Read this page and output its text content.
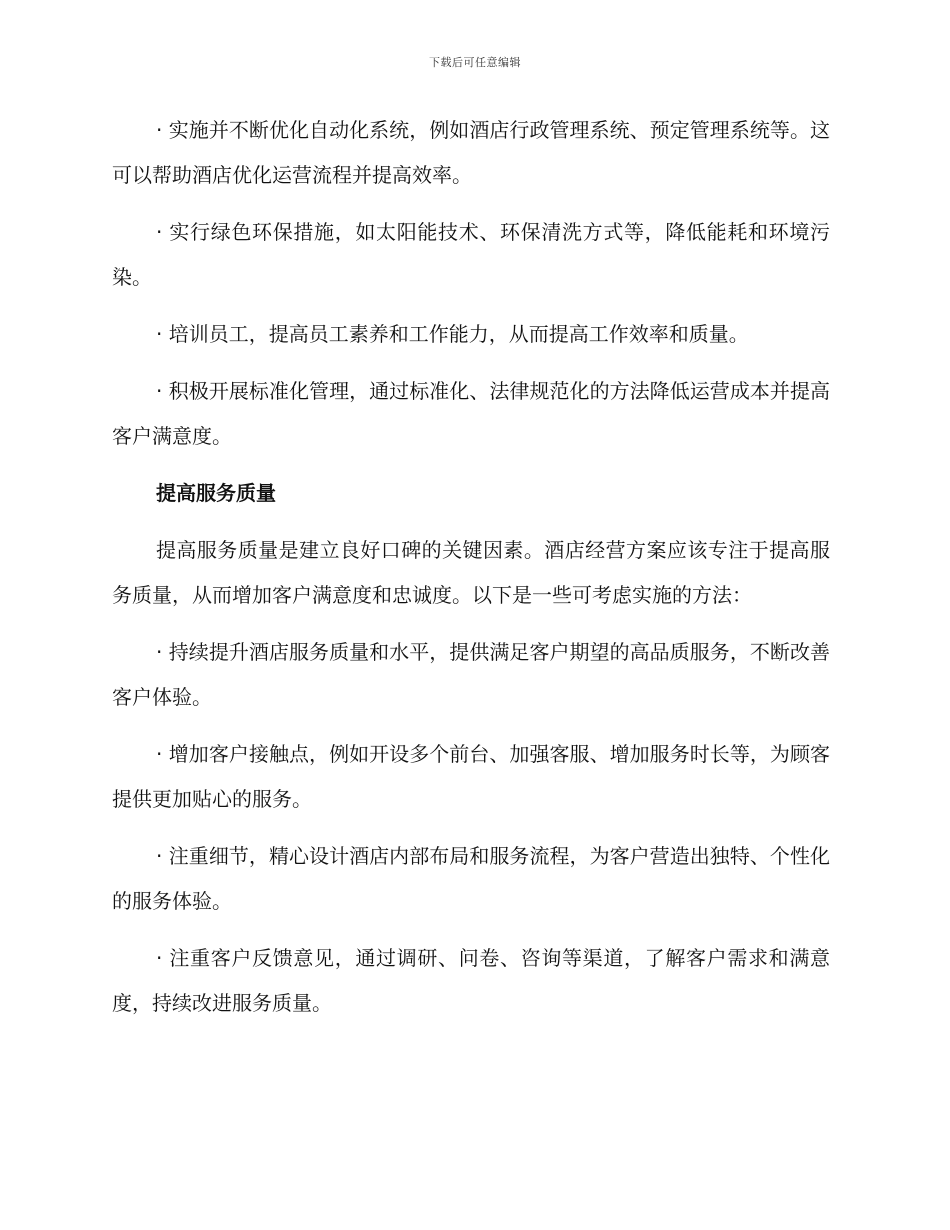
下载后可任意编辑

· 实施并不断优化自动化系统，例如酒店行政管理系统、预定管理系统等。这可以帮助酒店优化运营流程并提高效率。

· 实行绿色环保措施，如太阳能技术、环保清洗方式等，降低能耗和环境污染。

· 培训员工，提高员工素养和工作能力，从而提高工作效率和质量。

· 积极开展标准化管理，通过标准化、法律规范化的方法降低运营成本并提高客户满意度。

提高服务质量

提高服务质量是建立良好口碑的关键因素。酒店经营方案应该专注于提高服务质量，从而增加客户满意度和忠诚度。以下是一些可考虑实施的方法：

· 持续提升酒店服务质量和水平，提供满足客户期望的高品质服务，不断改善客户体验。

· 增加客户接触点，例如开设多个前台、加强客服、增加服务时长等，为顾客提供更加贴心的服务。

· 注重细节，精心设计酒店内部布局和服务流程，为客户营造出独特、个性化的服务体验。

· 注重客户反馈意见，通过调研、问卷、咨询等渠道，了解客户需求和满意度，持续改进服务质量。
